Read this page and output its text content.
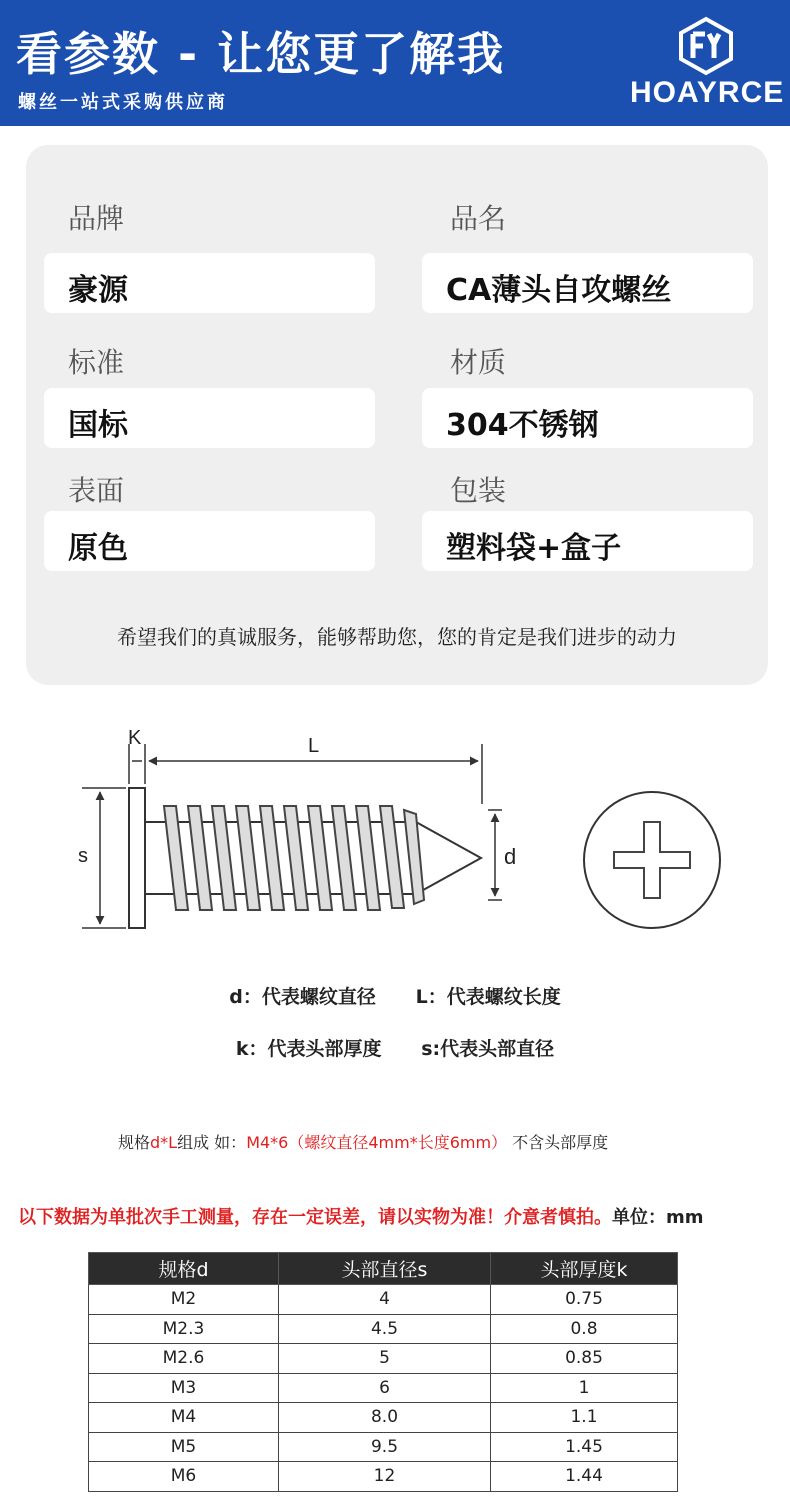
看参数 - 让您更了解我
螺丝一站式采购供应商	HOAYRCE
品牌	品名
豪源	CA薄头自攻螺丝
标准	材质
国标	304不锈钢
表面	包装
原色	塑料袋+盒子
希望我们的真诚服务，能够帮助您，您的肯定是我们进步的动力
L
K
s	d
d：代表螺纹直径 L：代表螺纹长度
k：代表头部厚度 s:代表头部直径
规格d*L组成 如：M4*6（螺纹直径4mm*长度6mm） 不含头部厚度
以下数据为单批次手工测量，存在一定误差，请以实物为准！介意者慎拍。单位：mm
规格d	头部直径s	头部厚度k
M2	4	0.75
M2.3	4.5	0.8
M2.6	5	0.85
M3	6	1
M4	8.0	1.1
M5	9.5	1.45
M6	12	1.44
